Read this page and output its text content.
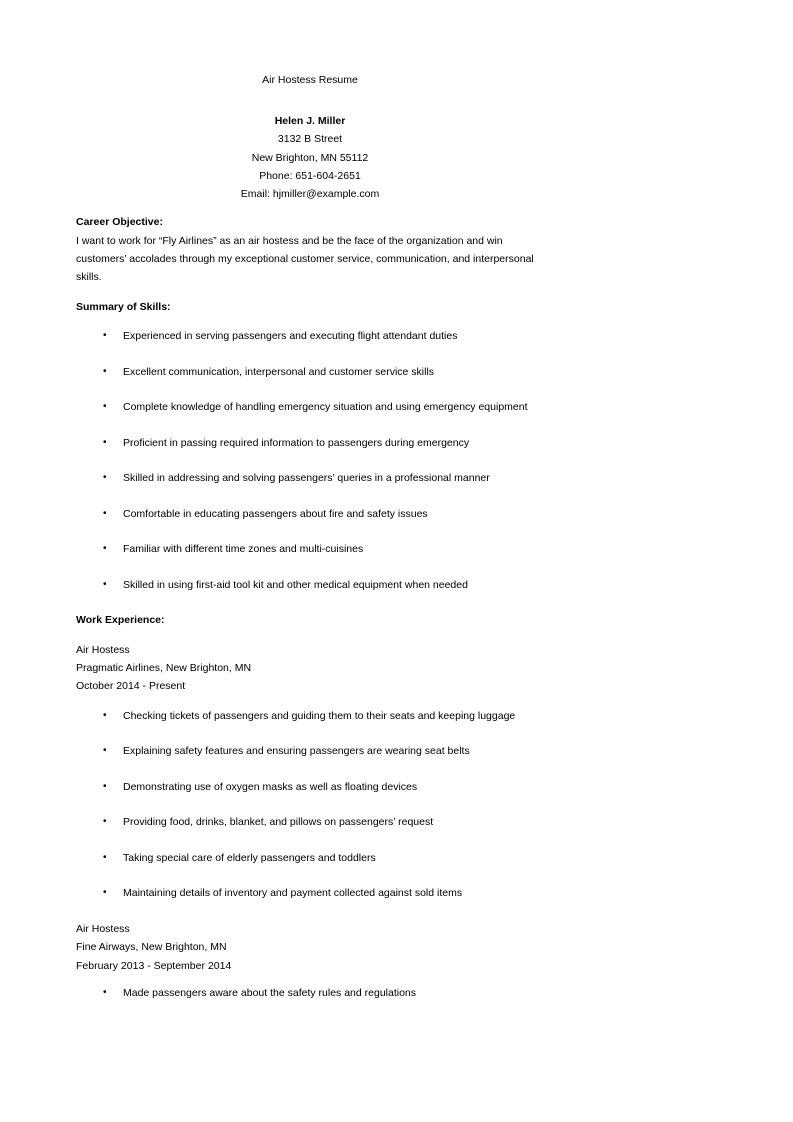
Air Hostess Resume
Helen J. Miller
3132 B Street
New Brighton, MN 55112
Phone: 651-604-2651
Email: hjmiller@example.com
Career Objective:
I want to work for “Fly Airlines” as an air hostess and be the face of the organization and win
customers’ accolades through my exceptional customer service, communication, and interpersonal
skills.
Summary of Skills:
• Experienced in serving passengers and executing flight attendant duties
• Excellent communication, interpersonal and customer service skills
• Complete knowledge of handling emergency situation and using emergency equipment
• Proficient in passing required information to passengers during emergency
• Skilled in addressing and solving passengers’ queries in a professional manner
• Comfortable in educating passengers about fire and safety issues
• Familiar with different time zones and multi-cuisines
• Skilled in using first-aid tool kit and other medical equipment when needed
Work Experience:
Air Hostess
Pragmatic Airlines, New Brighton, MN
October 2014 - Present
• Checking tickets of passengers and guiding them to their seats and keeping luggage
• Explaining safety features and ensuring passengers are wearing seat belts
• Demonstrating use of oxygen masks as well as floating devices
• Providing food, drinks, blanket, and pillows on passengers’ request
• Taking special care of elderly passengers and toddlers
• Maintaining details of inventory and payment collected against sold items
Air Hostess
Fine Airways, New Brighton, MN
February 2013 - September 2014
• Made passengers aware about the safety rules and regulations
